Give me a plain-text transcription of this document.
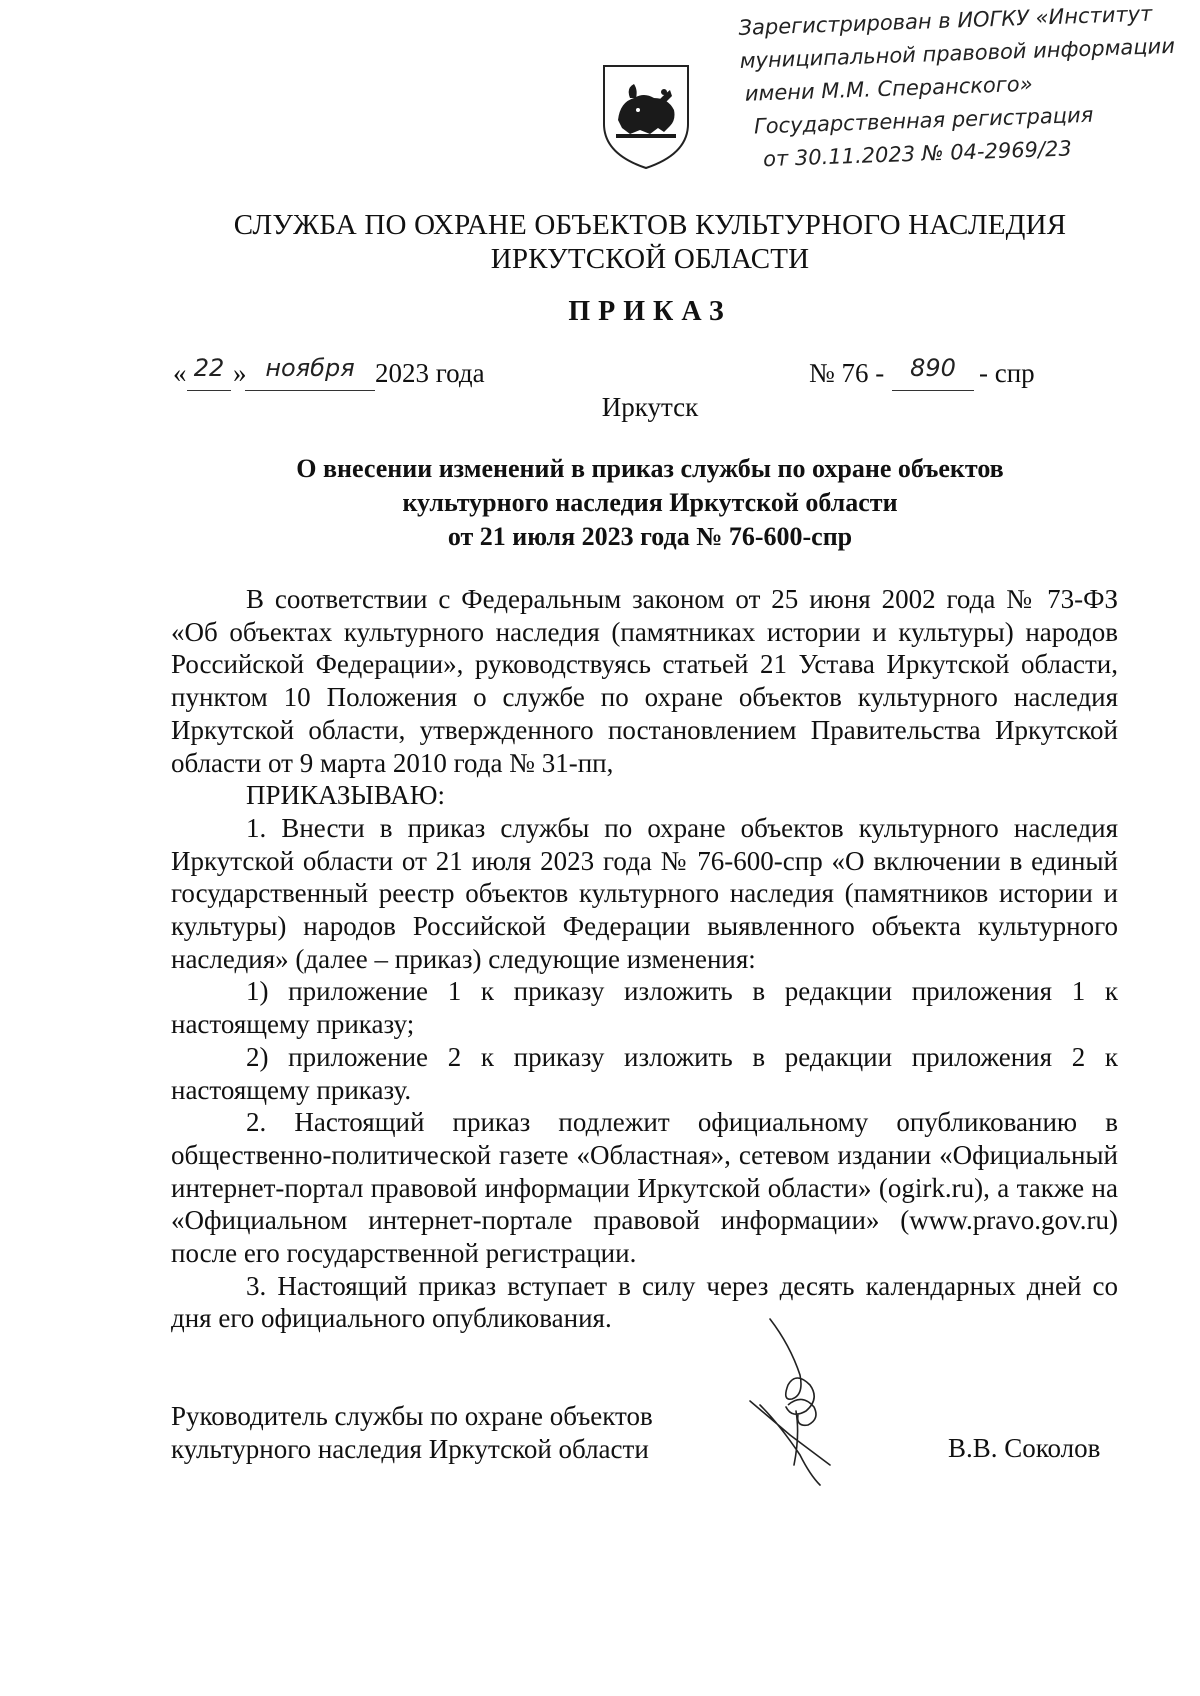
Зарегистрирован в ИОГКУ «Институт
муниципальной правовой информации
имени М.М. Сперанского»
Государственная регистрация
от 30.11.2023 № 04-2969/23
СЛУЖБА ПО ОХРАНЕ ОБЪЕКТОВ КУЛЬТУРНОГО НАСЛЕДИЯ
ИРКУТСКОЙ ОБЛАСТИ
ПРИКАЗ
« 22 » ноября 2023 года	№ 76 -	890 - спр
Иркутск
О внесении изменений в приказ службы по охране объектов
культурного наследия Иркутской области
от 21 июля 2023 года № 76-600-спр

В соответствии с Федеральным законом от 25 июня 2002 года № 73-ФЗ «Об объектах культурного наследия (памятниках истории и культуры) народов Российской Федерации», руководствуясь статьей 21 Устава Иркутской области, пунктом 10 Положения о службе по охране объектов культурного наследия Иркутской области, утвержденного постановлением Правительства Иркутской области от 9 марта 2010 года № 31-пп,

ПРИКАЗЫВАЮ:

1. Внести в приказ службы по охране объектов культурного наследия Иркутской области от 21 июля 2023 года № 76-600-спр «О включении в единый государственный реестр объектов культурного наследия (памятников истории и культуры) народов Российской Федерации выявленного объекта культурного наследия» (далее – приказ) следующие изменения:

1) приложение 1 к приказу изложить в редакции приложения 1 к настоящему приказу;

2) приложение 2 к приказу изложить в редакции приложения 2 к настоящему приказу.

2. Настоящий приказ подлежит официальному опубликованию в общественно-политической газете «Областная», сетевом издании «Официальный интернет-портал правовой информации Иркутской области» (ogirk.ru), а также на «Официальном интернет-портале правовой информации» (www.pravo.gov.ru) после его государственной регистрации.

3. Настоящий приказ вступает в силу через десять календарных дней со дня его официального опубликования.

Руководитель службы по охране объектов
культурного наследия Иркутской области	В.В. Соколов
